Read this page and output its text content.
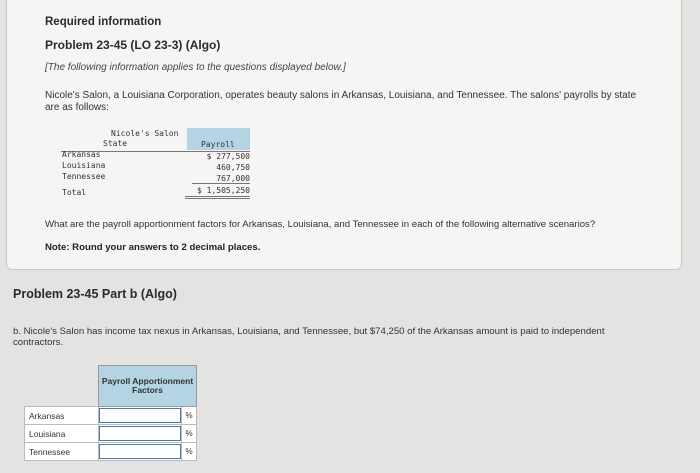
Required information
Problem 23-45 (LO 23-3) (Algo)
[The following information applies to the questions displayed below.]
Nicole's Salon, a Louisiana Corporation, operates beauty salons in Arkansas, Louisiana, and Tennessee. The salons' payrolls by state are as follows:
Nicole's Salon
State	Payroll
Arkansas	$ 277,500
Louisiana	460,750
Tennessee	767,000
Total	$ 1,505,250
What are the payroll apportionment factors for Arkansas, Louisiana, and Tennessee in each of the following alternative scenarios?
Note: Round your answers to 2 decimal places.
Problem 23-45 Part b (Algo)
b. Nicole's Salon has income tax nexus in Arkansas, Louisiana, and Tennessee, but $74,250 of the Arkansas amount is paid to independent contractors.
	Payroll Apportionment Factors	
Arkansas		%
Louisiana		%
Tennessee		%
